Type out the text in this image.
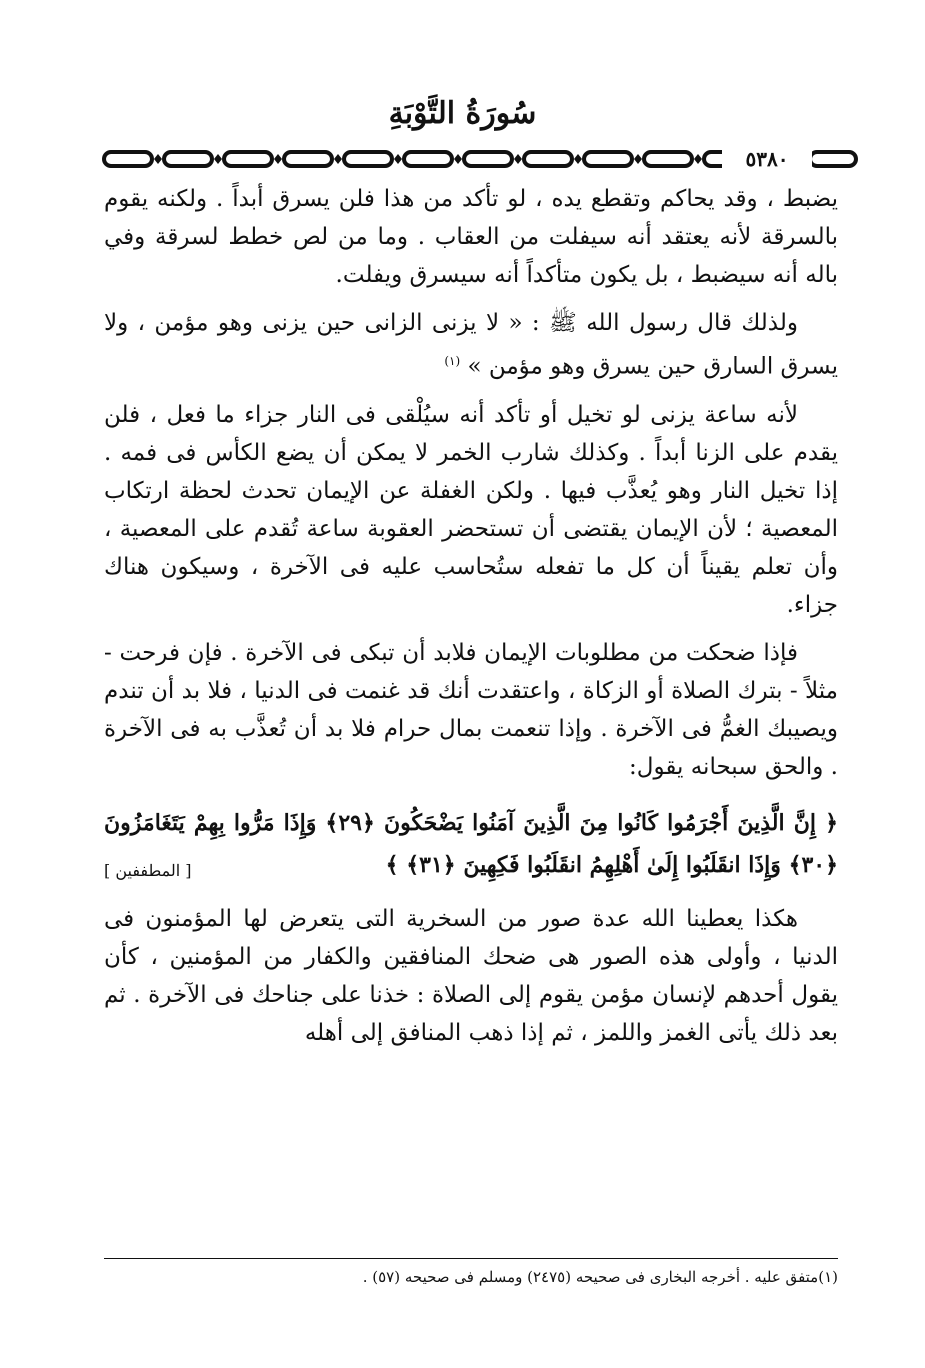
سُورَةُ التَّوْبَةِ
٥٣٨٠

يضبط ، وقد يحاكم وتقطع يده ، لو تأكد من هذا فلن يسرق أبداً . ولكنه يقوم بالسرقة لأنه يعتقد أنه سيفلت من العقاب . وما من لص خطط لسرقة وفي باله أنه سيضبط ، بل يكون متأكداً أنه سيسرق ويفلت.

ولذلك قال رسول الله ﷺ : « لا يزنى الزانى حين يزنى وهو مؤمن ، ولا يسرق السارق حين يسرق وهو مؤمن » $^{(١)}$

لأنه ساعة يزنى لو تخيل أو تأكد أنه سيُلْقى فى النار جزاء ما فعل ، فلن يقدم على الزنا أبداً . وكذلك شارب الخمر لا يمكن أن يضع الكأس فى فمه . إذا تخيل النار وهو يُعذَّب فيها . ولكن الغفلة عن الإيمان تحدث لحظة ارتكاب المعصية ؛ لأن الإيمان يقتضى أن تستحضر العقوبة ساعة تُقدم على المعصية ، وأن تعلم يقيناً أن كل ما تفعله ستُحاسب عليه فى الآخرة ، وسيكون هناك جزاء.

فإذا ضحكت من مطلوبات الإيمان فلابد أن تبكى فى الآخرة . فإن فرحت - مثلاً - بترك الصلاة أو الزكاة ، واعتقدت أنك قد غنمت فى الدنيا ، فلا بد أن تندم ويصيبك الغمُّ فى الآخرة . وإذا تنعمت بمال حرام فلا بد أن تُعذَّب به فى الآخرة . والحق سبحانه يقول:

﴿ إِنَّ الَّذِينَ أَجْرَمُوا كَانُوا مِنَ الَّذِينَ آمَنُوا يَضْحَكُونَ ﴿٢٩﴾ وَإِذَا مَرُّوا بِهِمْ يَتَغَامَزُونَ ﴿٣٠﴾ وَإِذَا انقَلَبُوا إِلَىٰ أَهْلِهِمُ انقَلَبُوا فَكِهِينَ ﴿٣١﴾ ﴾
[ المطففين ]

هكذا يعطينا الله عدة صور من السخرية التى يتعرض لها المؤمنون فى الدنيا ، وأولى هذه الصور هى ضحك المنافقين والكفار من المؤمنين ، كأن يقول أحدهم لإنسان مؤمن يقوم إلى الصلاة : خذنا على جناحك فى الآخرة . ثم بعد ذلك يأتى الغمز واللمز ، ثم إذا ذهب المنافق إلى أهله

(١)متفق عليه . أخرجه البخارى فى صحيحه (٢٤٧٥) ومسلم فى صحيحه (٥٧) .
